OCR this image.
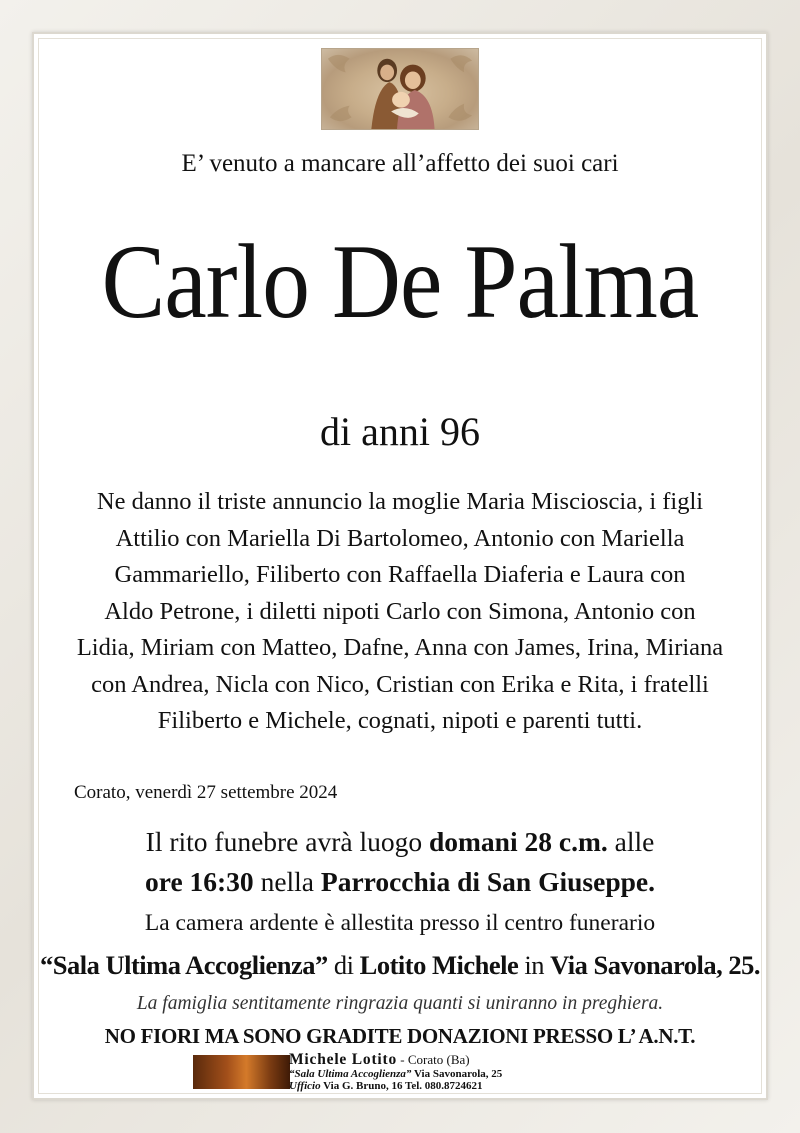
E’ venuto a mancare all’affetto dei suoi cari
Carlo De Palma
di anni 96
Ne danno il triste annuncio la moglie Maria Miscioscia, i figli
Attilio con Mariella Di Bartolomeo, Antonio con Mariella
Gammariello, Filiberto con Raffaella Diaferia e Laura con
Aldo Petrone, i diletti nipoti Carlo con Simona, Antonio con
Lidia, Miriam con Matteo, Dafne, Anna con James, Irina, Miriana
con Andrea, Nicla con Nico, Cristian con Erika e Rita, i fratelli
Filiberto e Michele, cognati, nipoti e parenti tutti.
Corato, venerdì 27 settembre 2024
Il rito funebre avrà luogo domani 28 c.m. alle
ore 16:30 nella Parrocchia di San Giuseppe.
La camera ardente è allestita presso il centro funerario
“Sala Ultima Accoglienza” di Lotito Michele in Via Savonarola, 25.
La famiglia sentitamente ringrazia quanti si uniranno in preghiera.
NO FIORI MA SONO GRADITE DONAZIONI PRESSO L’ A.N.T.
Michele Lotito - Corato (Ba)
“Sala Ultima Accoglienza” Via Savonarola, 25
Ufficio Via G. Bruno, 16 Tel. 080.8724621
